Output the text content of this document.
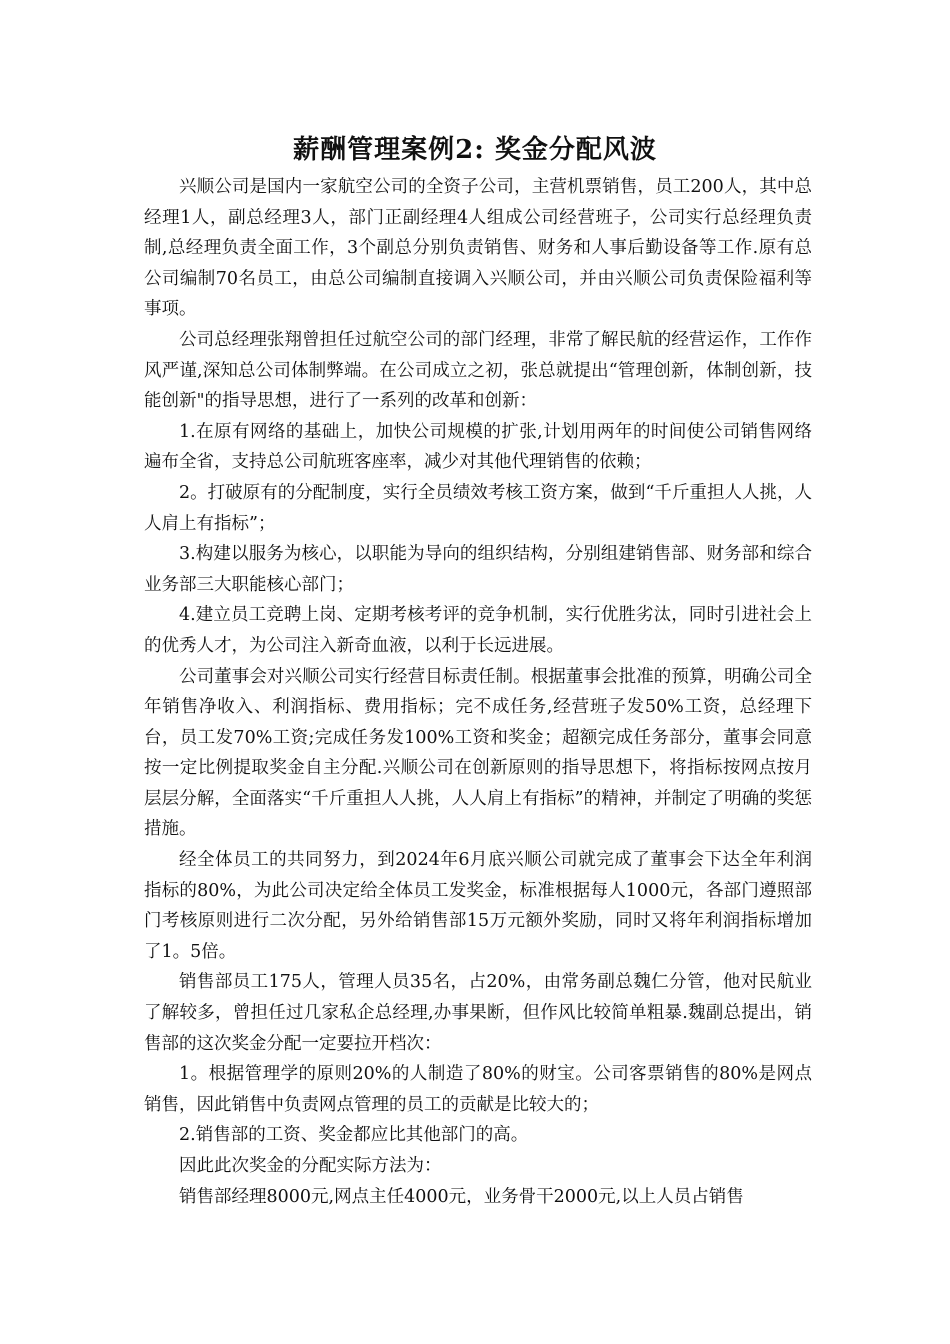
薪酬管理案例2: 奖金分配风波

兴顺公司是国内一家航空公司的全资子公司，主营机票销售，员工200人，其中总经理1人，副总经理3人，部门正副经理4人组成公司经营班子，公司实行总经理负责制,总经理负责全面工作，3个副总分别负责销售、财务和人事后勤设备等工作.原有总公司编制70名员工，由总公司编制直接调入兴顺公司，并由兴顺公司负责保险福利等事项。

公司总经理张翔曾担任过航空公司的部门经理，非常了解民航的经营运作，工作作风严谨,深知总公司体制弊端。在公司成立之初，张总就提出“管理创新，体制创新，技能创新"的指导思想，进行了一系列的改革和创新：

1.在原有网络的基础上，加快公司规模的扩张,计划用两年的时间使公司销售网络遍布全省，支持总公司航班客座率，减少对其他代理销售的依赖；

2。打破原有的分配制度，实行全员绩效考核工资方案，做到“千斤重担人人挑，人人肩上有指标”；

3.构建以服务为核心，以职能为导向的组织结构，分别组建销售部、财务部和综合业务部三大职能核心部门；

4.建立员工竞聘上岗、定期考核考评的竞争机制，实行优胜劣汰，同时引进社会上的优秀人才，为公司注入新奇血液，以利于长远进展。

公司董事会对兴顺公司实行经营目标责任制。根据董事会批准的预算，明确公司全年销售净收入、利润指标、费用指标；完不成任务,经营班子发50%工资，总经理下台，员工发70%工资;完成任务发100%工资和奖金；超额完成任务部分，董事会同意按一定比例提取奖金自主分配.兴顺公司在创新原则的指导思想下，将指标按网点按月层层分解，全面落实“千斤重担人人挑，人人肩上有指标”的精神，并制定了明确的奖惩措施。

经全体员工的共同努力，到2024年6月底兴顺公司就完成了董事会下达全年利润指标的80%，为此公司决定给全体员工发奖金，标准根据每人1000元，各部门遵照部门考核原则进行二次分配，另外给销售部15万元额外奖励，同时又将年利润指标增加了1。5倍。

销售部员工175人，管理人员35名，占20%，由常务副总魏仁分管，他对民航业了解较多，曾担任过几家私企总经理,办事果断，但作风比较简单粗暴.魏副总提出，销售部的这次奖金分配一定要拉开档次：

1。根据管理学的原则20%的人制造了80%的财宝。公司客票销售的80%是网点销售，因此销售中负责网点管理的员工的贡献是比较大的；

2.销售部的工资、奖金都应比其他部门的高。

因此此次奖金的分配实际方法为：

销售部经理8000元,网点主任4000元，业务骨干2000元,以上人员占销售
